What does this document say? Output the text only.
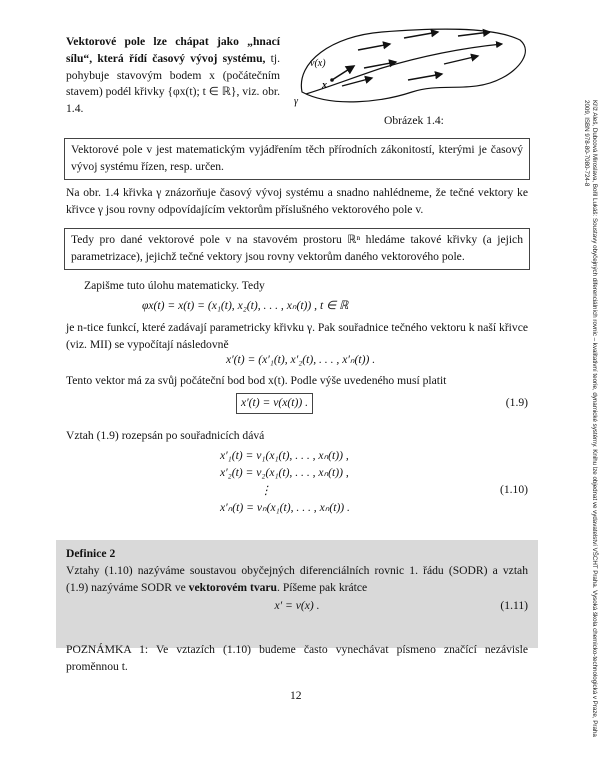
Vektorové pole lze chápat jako „hnací sílu“, která řídí časový vývoj systému, tj. pohybuje stavovým bodem x (počátečním stavem) podél křivky {φx(t); t ∈ ℝ}, viz. obr. 1.4.
v(x)
x
γ
Obrázek 1.4:
Vektorové pole v jest matematickým vyjádřením těch přírodních zákonitostí, kterými je časový vývoj systému řízen, resp. určen.
Na obr. 1.4 křivka γ znázorňuje časový vývoj systému a snadno nahlédneme, že tečné vektory ke křivce γ jsou rovny odpovídajícím vektorům příslušného vektorového pole v.
Tedy pro dané vektorové pole v na stavovém prostoru ℝⁿ hledáme takové křivky (a jejich parametrizace), jejichž tečné vektory jsou rovny vektorům daného vektorového pole.
Zapišme tuto úlohu matematicky. Tedy
φx(t) = x(t) = (x₁(t), x₂(t), . . . , xₙ(t)) , t ∈ ℝ
je n-tice funkcí, které zadávají parametricky křivku γ. Pak souřadnice tečného vektoru k naší křivce (viz. MII) se vypočítají následovně
x′(t) = (x′₁(t), x′₂(t), . . . , x′ₙ(t)) .
Tento vektor má za svůj počáteční bod bod x(t). Podle výše uvedeného musí platit
x′(t) = v(x(t)) .	(1.9)
Vztah (1.9) rozepsán po souřadnicích dává
x′₁(t) = v₁(x₁(t), . . . , xₙ(t)) ,
x′₂(t) = v₂(x₁(t), . . . , xₙ(t)) ,
⋮
x′ₙ(t) = vₙ(x₁(t), . . . , xₙ(t)) .
(1.10)
Definice 2
Vztahy (1.10) nazýváme soustavou obyčejných diferenciálních rovnic 1. řádu (SODR) a vztah (1.9) nazýváme SODR ve vektorovém tvaru. Píšeme pak krátce
x′ = v(x) .	(1.11)
POZNÁMKA 1: Ve vztazích (1.10) budeme často vynechávat písmeno značící nezávisle proměnnou t.
12	Kříž Aleš, Dubcová Miroslava, Bořil Lukáš: Soustavy obyčejných diferenciálních rovnic – kvalitativní teorie, dynamické systémy. Knihu lze objednat ve vydavatelství VŠCHT Praha. Vysoká škola chemicko-technologická v Praze, Praha 2009, ISBN 978-80-7080-724-8
